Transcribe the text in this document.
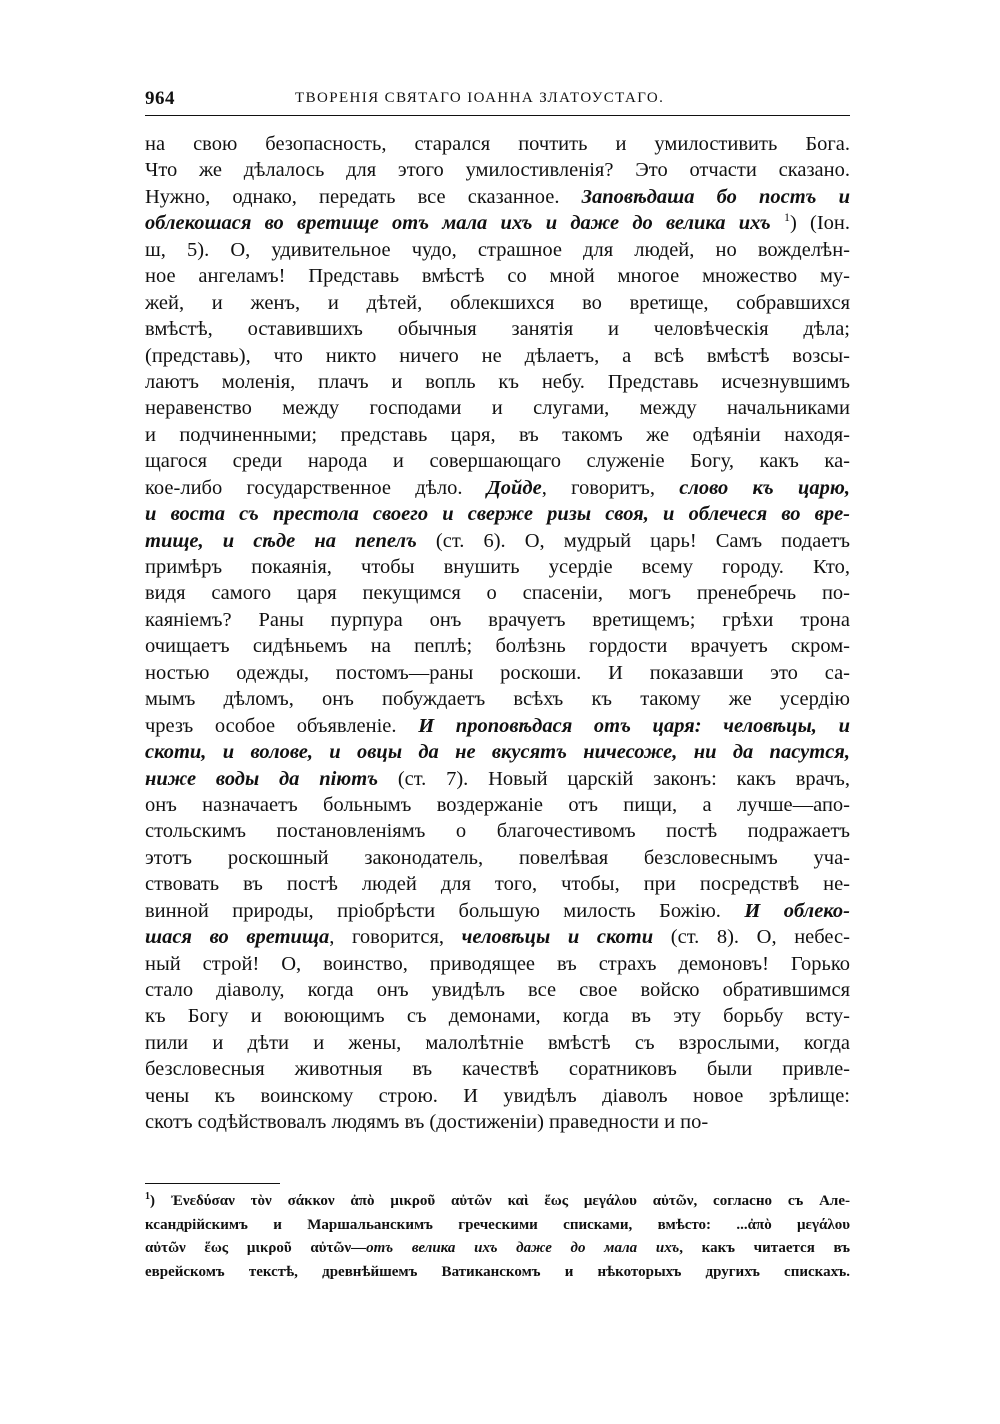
964	ТВОРЕНІЯ СВЯТАГО ІОАННА ЗЛАТОУСТАГО.
на свою безопасность, старался почтить и умилостивить Бога.
Что же дѣлалось для этого умилостивленія? Это отчасти сказано.
Нужно, однако, передать все сказанное. Заповѣдаша бо постъ и
облекошася во вретище отъ мала ихъ и даже до велика ихъ $^1$) (Іон.
ш, 5). О, удивительное чудо, страшное для людей, но вожделѣн-
ное ангеламъ! Представь вмѣстѣ со мной многое множество му-
жей, и женъ, и дѣтей, облекшихся во вретище, собравшихся
вмѣстѣ, оставившихъ обычныя занятія и человѣческія дѣла;
(представь), что никто ничего не дѣлаетъ, а всѣ вмѣстѣ возсы-
лаютъ моленія, плачъ и вопль къ небу. Представь исчезнувшимъ
неравенство между господами и слугами, между начальниками
и подчиненными; представь царя, въ такомъ же одѣяніи находя-
щагося среди народа и совершающаго служеніе Богу, какъ ка-
кое-либо государственное дѣло. Дойде, говоритъ, слово къ царю,
и воста съ престола своего и сверже ризы своя, и облечеся во вре-
тище, и сѣде на пепелъ (ст. 6). О, мудрый царь! Самъ подаетъ
примѣръ покаянія, чтобы внушить усердіе всему городу. Кто,
видя самого царя пекущимся о спасеніи, могъ пренебречь по-
каяніемъ? Раны пурпура онъ врачуетъ вретищемъ; грѣхи трона
очищаетъ сидѣньемъ на пеплѣ; болѣзнь гордости врачуетъ скром-
ностью одежды, постомъ—раны роскоши. И показавши это са-
мымъ дѣломъ, онъ побуждаетъ всѣхъ къ такому же усердію
чрезъ особое объявленіе. И проповѣдася отъ царя: человѣцы, и
скоти, и волове, и овцы да не вкусятъ ничесоже, ни да пасутся,
ниже воды да піютъ (ст. 7). Новый царскій законъ: какъ врачъ,
онъ назначаетъ больнымъ воздержаніе отъ пищи, а лучше—апо-
стольскимъ постановленіямъ о благочестивомъ постѣ подражаетъ
этотъ роскошный законодатель, повелѣвая безсловеснымъ уча-
ствовать въ постѣ людей для того, чтобы, при посредствѣ не-
винной природы, пріобрѣсти большую милость Божію. И облеко-
шася во вретища, говорится, человѣцы и скоти (ст. 8). О, небес-
ный строй! О, воинство, приводящее въ страхъ демоновъ! Горько
стало діаволу, когда онъ увидѣлъ все свое войско обратившимся
къ Богу и воюющимъ съ демонами, когда въ эту борьбу всту-
пили и дѣти и жены, малолѣтніе вмѣстѣ съ взрослыми, когда
безсловесныя животныя въ качествѣ соратниковъ были привле-
чены къ воинскому строю. И увидѣлъ діаволъ новое зрѣлище:
скотъ содѣйствовалъ людямъ въ (достиженіи) праведности и по-
$^1$) Ἐνεδύσαν τὸν σάκκον ἀπὸ μικροῦ αὐτῶν καὶ ἕως μεγάλου αὐτῶν, согласно съ Але-
ксандрійскимъ и Маршальанскимъ греческими списками, вмѣсто: ...ἀπὸ μεγάλου
αὐτῶν ἕως μικροῦ αὐτῶν—отъ велика ихъ даже до мала ихъ, какъ читается въ
еврейскомъ текстѣ, древнѣйшемъ Ватиканскомъ и нѣкоторыхъ другихъ спискахъ.
